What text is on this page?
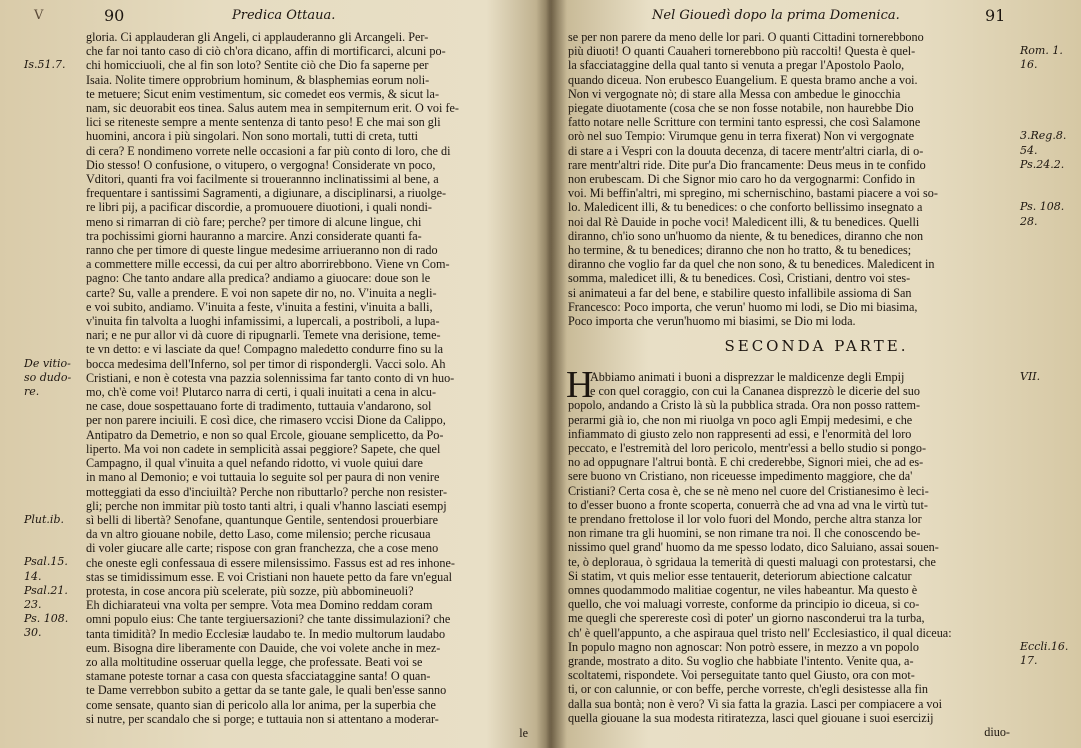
V	90	Predica Ottaua.
Is.51.7.
De vitio-
so dudo-
re.
Plut.ib.
Psal.15.
14.
Psal.21.
23.
Ps. 108.
30.
gloria. Ci applauderan gli Angeli, ci applauderanno gli Arcangeli. Per-
che far noi tanto caso di ciò ch'ora dicano, affin di mortificarci, alcuni po-
chi homicciuoli, che al fin son loto? Sentite ciò che Dio fa saperne per
Isaia. Nolite timere opprobrium hominum, & blasphemias eorum noli-
te metuere; Sicut enim vestimentum, sic comedet eos vermis, & sicut la-
nam, sic deuorabit eos tinea. Salus autem mea in sempiternum erit. O voi fe-
lici se riteneste sempre a mente sentenza di tanto peso! E che mai son gli
huomini, ancora i più singolari. Non sono mortali, tutti di creta, tutti
di cera? E nondimeno vorrete nelle occasioni a far più conto di loro, che di
Dio stesso! O confusione, o vitupero, o vergogna! Considerate vn poco,
Vditori, quanti fra voi facilmente si trouerannno inclinatissimi al bene, a
frequentare i santissimi Sagramenti, a digiunare, a disciplinarsi, a riuolge-
re libri pij, a pacificar discordie, a promuouere diuotioni, i quali nondi-
meno si rimarran di ciò fare; perche? per timore di alcune lingue, chi
tra pochissimi giorni hauranno a marcire. Anzi considerate quanti fa-
ranno che per timore di queste lingue medesime arriueranno non di rado
a commettere mille eccessi, da cui per altro aborrirebbono. Viene vn Com-
pagno: Che tanto andare alla predica? andiamo a giuocare: doue son le
carte? Su, valle a prendere. E voi non sapete dir no, no. V'inuita a negli-
e voi subito, andiamo. V'inuita a feste, v'inuita a festini, v'inuita a balli,
v'inuita fin talvolta a luoghi infamissimi, a lupercali, a postriboli, a lupa-
nari; e ne pur allor vi dà cuore di ripugnarli. Temete vna derisione, teme-
te vn detto: e vi lasciate da que! Compagno maledetto condurre fino su la
bocca medesima dell'Inferno, sol per timor di rispondergli. Vacci solo. Ah
Cristiani, e non è cotesta vna pazzia solennissima far tanto conto di vn huo-
mo, ch'è come voi! Plutarco narra di certi, i quali inuitati a cena in alcu-
ne case, doue sospettauano forte di tradimento, tuttauia v'andarono, sol
per non parere inciuili. E così dice, che rimasero vccisi Dione da Calippo,
Antipatro da Demetrio, e non so qual Ercole, giouane semplicetto, da Po-
liperto. Ma voi non cadete in semplicità assai peggiore? Sapete, che quel
Campagno, il qual v'inuita a quel nefando ridotto, vi vuole quiui dare
in mano al Demonio; e voi tuttauia lo seguite sol per paura di non venire
motteggiati da esso d'inciuiltà? Perche non ributtarlo? perche non resister-
gli; perche non immitar più tosto tanti altri, i quali v'hanno lasciati esempj
sì belli di libertà? Senofane, quantunque Gentile, sentendosi prouerbiare
da vn altro giouane nobile, detto Laso, come milensio; perche ricusaua
di voler giucare alle carte; rispose con gran franchezza, che a cose meno
che oneste egli confessaua di essere milensissimo. Fassus est ad res inhone-
stas se timidissimum esse. E voi Cristiani non hauete petto da fare vn'egual
protesta, in cose ancora più scelerate, più sozze, più abbomineuoli?
Eh dichiarateui vna volta per sempre. Vota mea Domino reddam coram
omni populo eius: Che tante tergiuersazioni? che tante dissimulazioni? che
tanta timidità? In medio Ecclesiæ laudabo te. In medio multorum laudabo
eum. Bisogna dire liberamente con Dauide, che voi volete anche in mez-
zo alla moltitudine osseruar quella legge, che professate. Beati voi se
stamane poteste tornar a casa con questa sfacciataggine santa! O quan-
te Dame verrebbon subito a gettar da se tante gale, le quali ben'esse sanno
come sensate, quanto sian di pericolo alla lor anima, per la superbia che
si nutre, per scandalo che si porge; e tuttauia non si attentano a moderar-
le
Nel Giouedì dopo la prima Domenica.	91
se per non parere da meno delle lor pari. O quanti Cittadini tornerebbono
più diuoti! O quanti Cauaheri tornerebbono più raccolti! Questa è quel-
la sfacciataggine della qual tanto si venuta a pregar l'Apostolo Paolo,
quando diceua. Non erubesco Euangelium. E questa bramo anche a voi.
Non vi vergognate nò; di stare alla Messa con ambedue le ginocchia
piegate diuotamente (cosa che se non fosse notabile, non haurebbe Dio
fatto notare nelle Scritture con termini tanto espressi, che così Salamone
orò nel suo Tempio: Virumque genu in terra fixerat) Non vi vergognate
di stare a i Vespri con la douuta decenza, di tacere mentr'altri ciarla, di o-
rare mentr'altri ride. Dite pur'a Dio francamente: Deus meus in te confido
non erubescam. Di che Signor mio caro ho da vergognarmi: Confido in
voi. Mi beffin'altri, mi spregino, mi schernischino, bastami piacere a voi so-
lo. Maledicent illi, & tu benedices: o che conforto bellissimo insegnato a
noi dal Rè Dauide in poche voci! Maledicent illi, & tu benedices. Quelli
diranno, ch'io sono un'huomo da niente, & tu benedices, diranno che non
ho termine, & tu benedices; diranno che non ho tratto, & tu benedices;
diranno che voglio far da quel che non sono, & tu benedices. Maledicent in
somma, maledicet illi, & tu benedices. Così, Cristiani, dentro voi stes-
si animateui a far del bene, e stabilire questo infallibile assioma di San
Francesco: Poco importa, che verun' huomo mi lodi, se Dio mi biasima,
Poco importa che verun'huomo mi biasimi, se Dio mi loda.
Rom. 1.
16.
3.Reg.8.
54.
Ps.24.2.
Ps. 108.
28.
SECONDA PARTE.
H
Abbiamo animati i buoni a disprezzar le maldicenze degli Empij
e con quel coraggio, con cui la Cananea disprezzò le dicerie del suo
popolo, andando a Cristo là sù la pubblica strada. Ora non posso rattem-
perarmi già io, che non mi riuolga vn poco agli Empij medesimi, e che
infiammato di giusto zelo non rappresenti ad essi, e l'enormità del loro
peccato, e l'estremità del loro pericolo, mentr'essi a bello studio si pongo-
no ad oppugnare l'altrui bontà. E chi crederebbe, Signori miei, che ad es-
sere buono vn Cristiano, non riceuesse impedimento maggiore, che da'
Cristiani? Certa cosa è, che se nè meno nel cuore del Cristianesimo è leci-
to d'esser buono a fronte scoperta, conuerrà che ad vna ad vna le virtù tut-
te prendano frettolose il lor volo fuori del Mondo, perche altra stanza lor
non rimane tra gli huomini, se non rimane tra noi. Il che conoscendo be-
nissimo quel grand' huomo da me spesso lodato, dico Saluiano, assai souen-
te, ò deploraua, ò sgridaua la temerità di questi maluagi con protestarsi, che
Si statim, vt quis melior esse tentauerit, deteriorum abiectione calcatur
omnes quodammodo malitiae cogentur, ne viles habeantur. Ma questo è
quello, che voi maluagi vorreste, conforme da principio io diceua, si co-
me quegli che sperereste così di poter' un giorno nasconderui tra la turba,
ch' è quell'appunto, a che aspiraua quel tristo nell' Ecclesiastico, il qual diceua:
In populo magno non agnoscar: Non potrò essere, in mezzo a vn popolo
grande, mostrato a dito. Su voglio che habbiate l'intento. Venite qua, a-
scoltatemi, rispondete. Voi perseguitate tanto quel Giusto, ora con mot-
ti, or con calunnie, or con beffe, perche vorreste, ch'egli desistesse alla fin
dalla sua bontà; non è vero? Vi sia fatta la grazia. Lasci per compiacere a voi
quella giouane la sua modesta ritiratezza, lasci quel giouane i suoi esercizij
diuo-
VII.
Eccli.16.
17.
